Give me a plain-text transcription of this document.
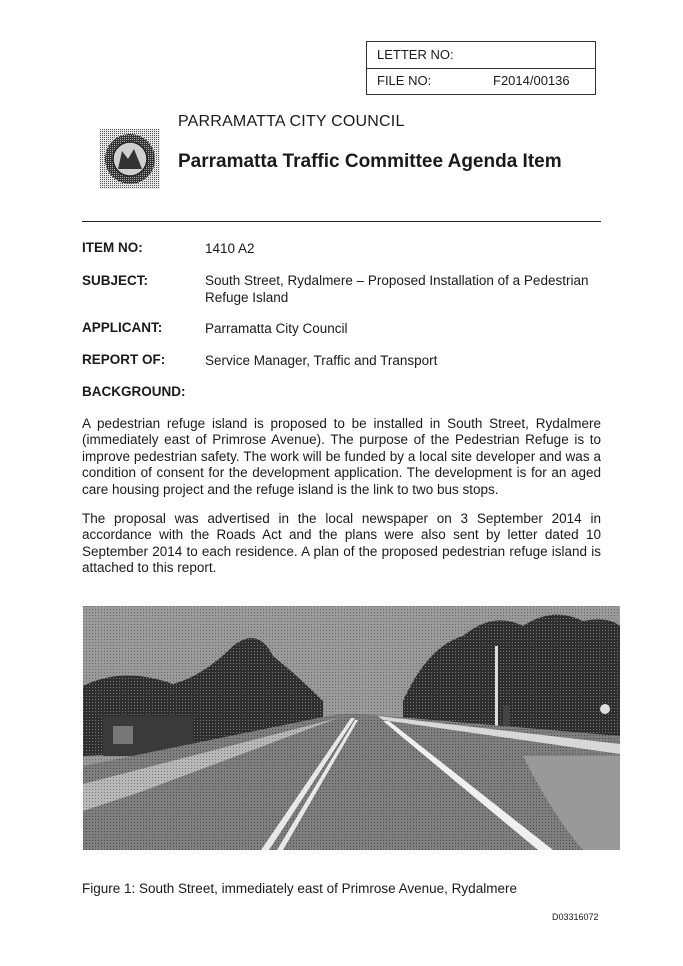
LETTER NO:
FILE NO:	F2014/00136
PARRAMATTA CITY COUNCIL
Parramatta Traffic Committee Agenda Item
ITEM NO:	1410 A2
SUBJECT:	South Street, Rydalmere – Proposed Installation of a Pedestrian Refuge Island
APPLICANT:	Parramatta City Council
REPORT OF:	Service Manager, Traffic and Transport
BACKGROUND:

A pedestrian refuge island is proposed to be installed in South Street, Rydalmere (immediately east of Primrose Avenue). The purpose of the Pedestrian Refuge is to improve pedestrian safety. The work will be funded by a local site developer and was a condition of consent for the development application. The development is for an aged care housing project and the refuge island is the link to two bus stops.

The proposal was advertised in the local newspaper on 3 September 2014 in accordance with the Roads Act and the plans were also sent by letter dated 10 September 2014 to each residence. A plan of the proposed pedestrian refuge island is attached to this report.

Figure 1: South Street, immediately east of Primrose Avenue, Rydalmere
D03316072
